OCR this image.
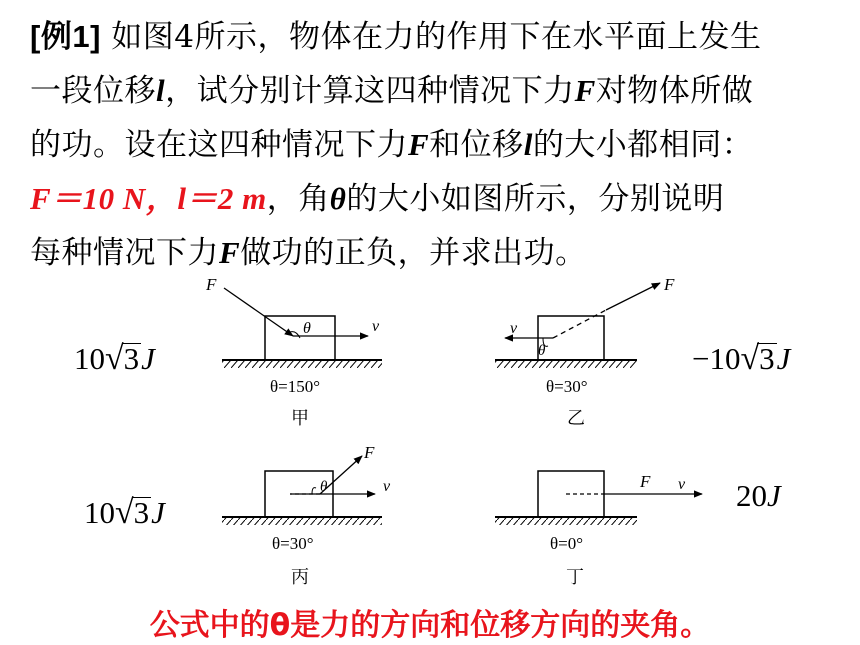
[例1] 如图4所示，物体在力的作用下在水平面上发生
一段位移l，试分别计算这四种情况下力F对物体所做
的功。设在这四种情况下力F和位移l的大小都相同：
F＝10 N，l＝2 m，角θ的大小如图所示，分别说明
每种情况下力F做功的正负，并求出功。
10√3J	−10√3J
10√3J	20J
F
v
θ
F
v
θ
F
v
θ	F v
θ=150°
甲
θ=30°
乙
θ=30°
丙
θ=0°
丁
公式中的θ是力的方向和位移方向的夹角。
